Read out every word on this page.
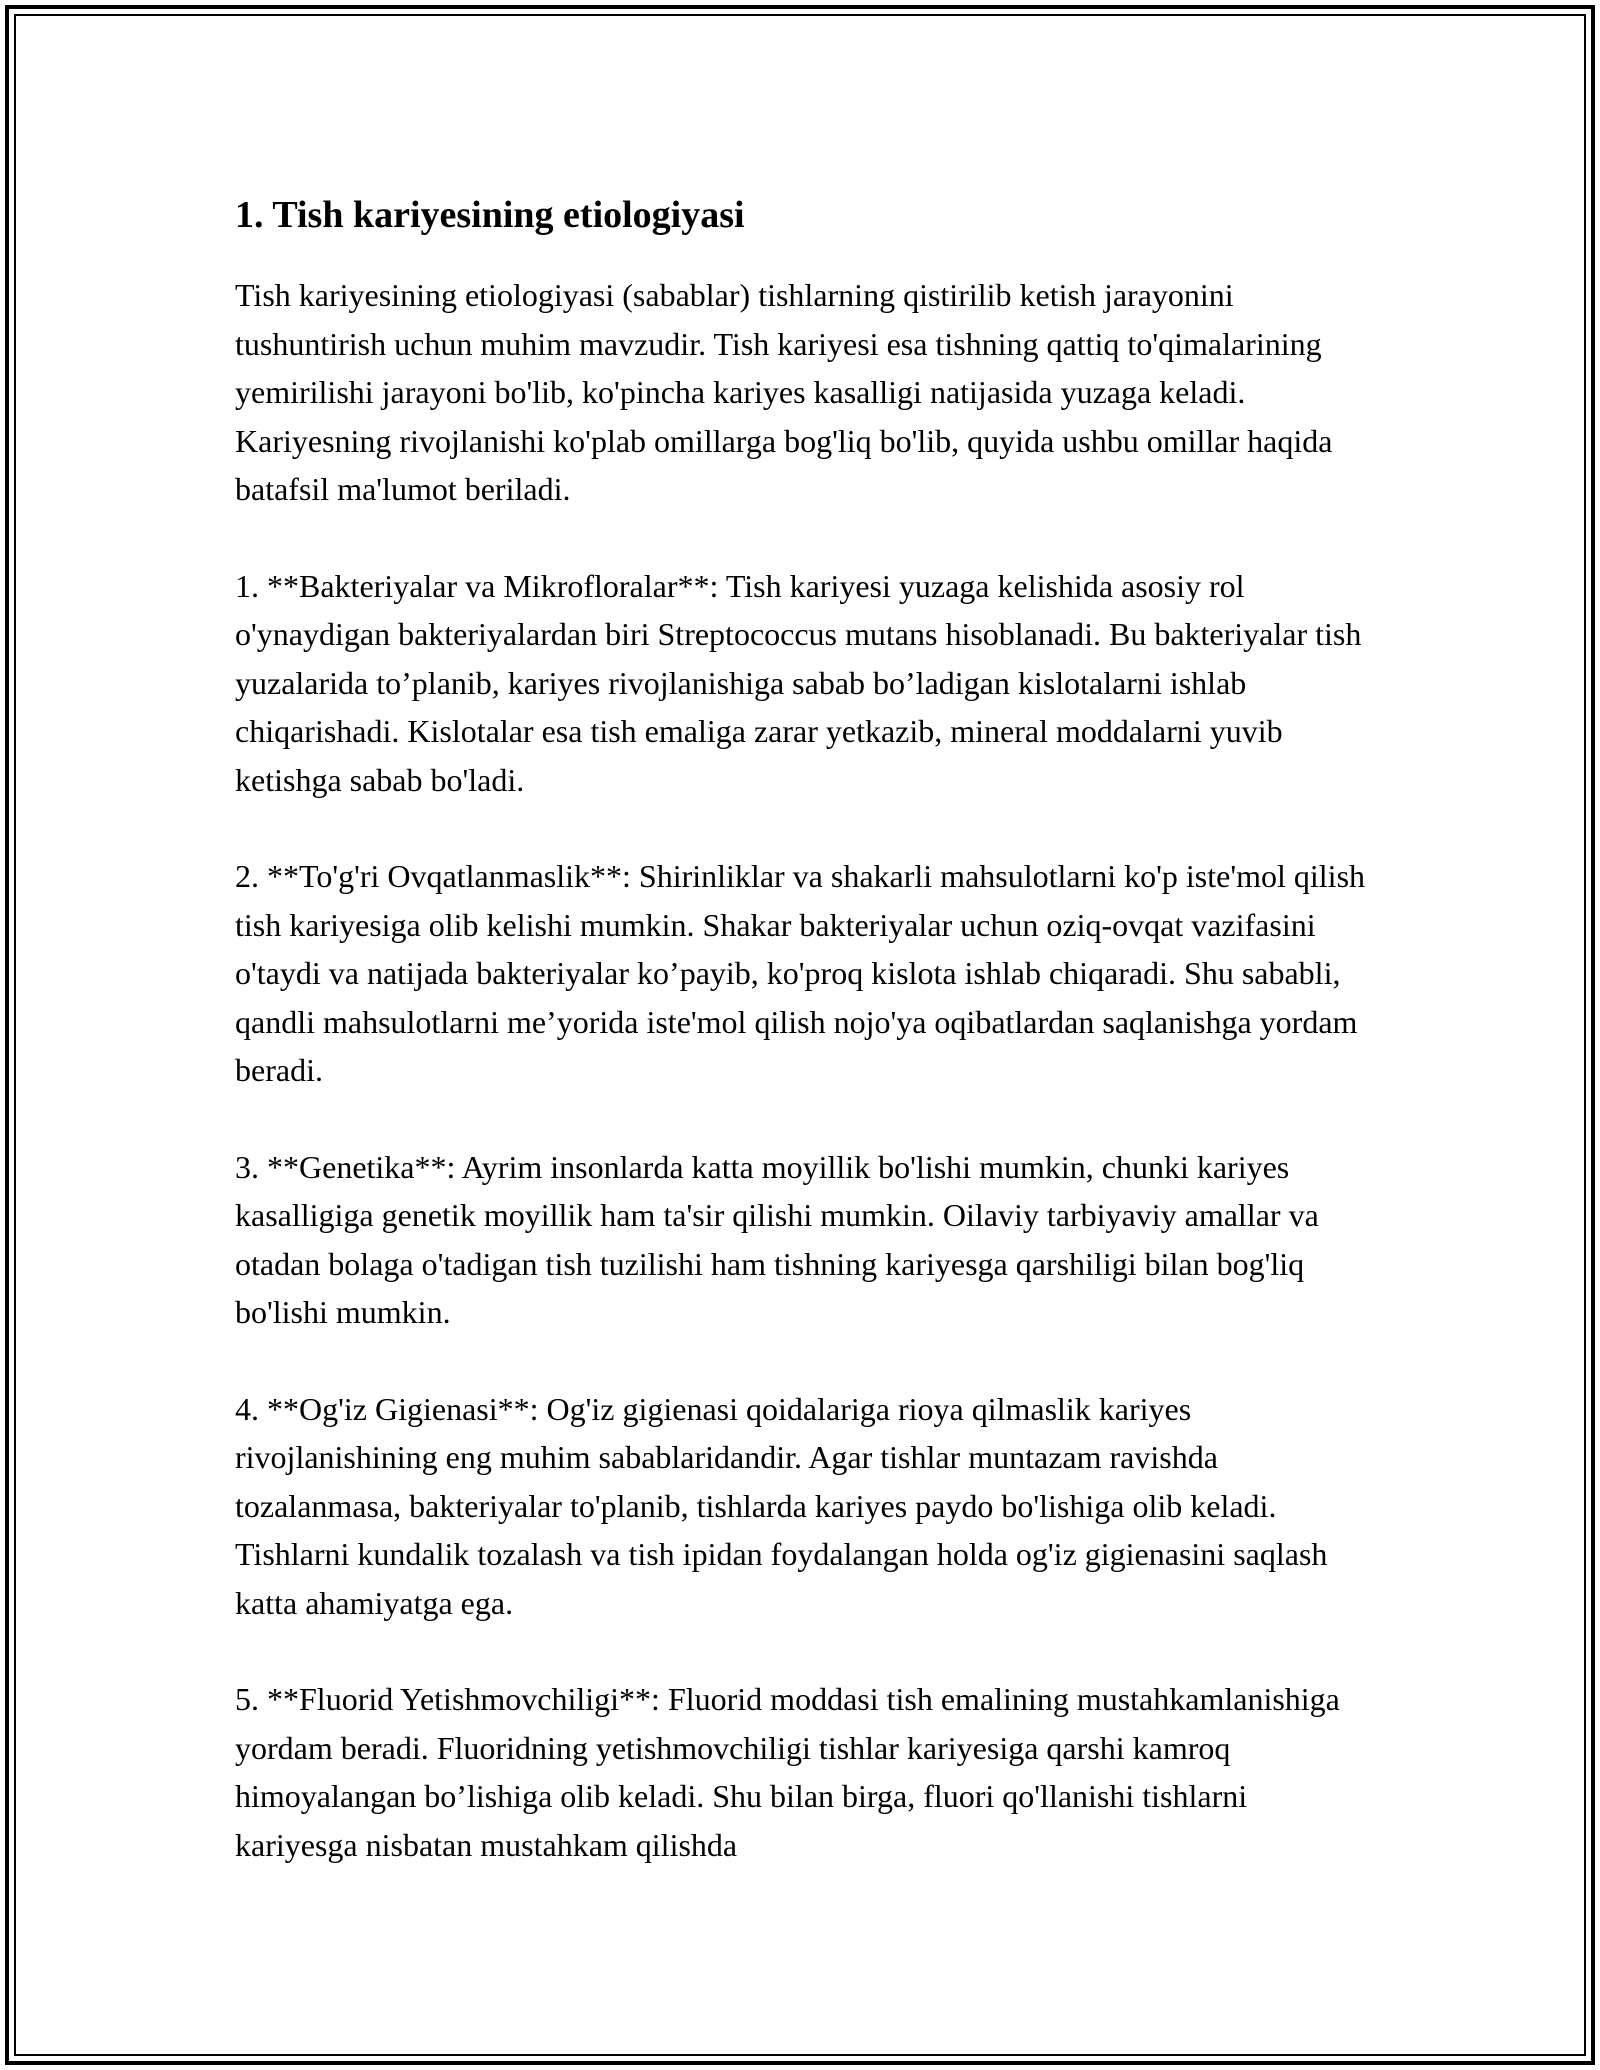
1. Tish kariyesining etiologiyasi

Tish kariyesining etiologiyasi (sabablar) tishlarning qistirilib ketish jarayonini tushuntirish uchun muhim mavzudir. Tish kariyesi esa tishning qattiq to'qimalarining yemirilishi jarayoni bo'lib, ko'pincha kariyes kasalligi natijasida yuzaga keladi. Kariyesning rivojlanishi ko'plab omillarga bog'liq bo'lib, quyida ushbu omillar haqida batafsil ma'lumot beriladi.

1. **Bakteriyalar va Mikrofloralar**: Tish kariyesi yuzaga kelishida asosiy rol o'ynaydigan bakteriyalardan biri Streptococcus mutans hisoblanadi. Bu bakteriyalar tish yuzalarida to’planib, kariyes rivojlanishiga sabab bo’ladigan kislotalarni ishlab chiqarishadi. Kislotalar esa tish emaliga zarar yetkazib, mineral moddalarni yuvib ketishga sabab bo'ladi.

2. **To'g'ri Ovqatlanmaslik**: Shirinliklar va shakarli mahsulotlarni ko'p iste'mol qilish tish kariyesiga olib kelishi mumkin. Shakar bakteriyalar uchun oziq-ovqat vazifasini o'taydi va natijada bakteriyalar ko’payib, ko'proq kislota ishlab chiqaradi. Shu sababli, qandli mahsulotlarni me’yorida iste'mol qilish nojo'ya oqibatlardan saqlanishga yordam beradi.

3. **Genetika**: Ayrim insonlarda katta moyillik bo'lishi mumkin, chunki kariyes kasalligiga genetik moyillik ham ta'sir qilishi mumkin. Oilaviy tarbiyaviy amallar va otadan bolaga o'tadigan tish tuzilishi ham tishning kariyesga qarshiligi bilan bog'liq bo'lishi mumkin.

4. **Og'iz Gigienasi**: Og'iz gigienasi qoidalariga rioya qilmaslik kariyes rivojlanishining eng muhim sabablaridandir. Agar tishlar muntazam ravishda tozalanmasa, bakteriyalar to'planib, tishlarda kariyes paydo bo'lishiga olib keladi. Tishlarni kundalik tozalash va tish ipidan foydalangan holda og'iz gigienasini saqlash katta ahamiyatga ega.

5. **Fluorid Yetishmovchiligi**: Fluorid moddasi tish emalining mustahkamlanishiga yordam beradi. Fluoridning yetishmovchiligi tishlar kariyesiga qarshi kamroq himoyalangan bo’lishiga olib keladi. Shu bilan birga, fluori qo'llanishi tishlarni kariyesga nisbatan mustahkam qilishda
